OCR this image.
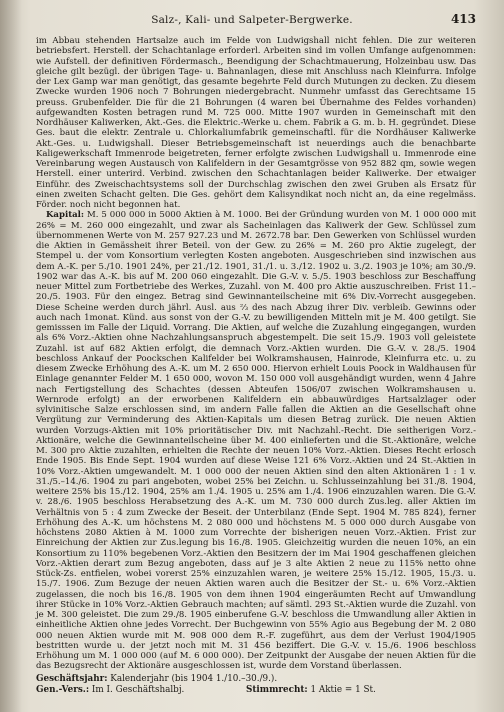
Salz-, Kali- und Salpeter-Bergwerke.	413

im Abbau stehenden Hartsalze auch im Felde von Ludwigshall nicht fehlen. Die zur weiteren betriebsfert. Herstell. der Schachtanlage erforderl. Arbeiten sind im vollen Umfange aufgenommen: wie Aufstell. der definitiven Fördermasch., Beendigung der Schachtmauerung, Holzeinbau usw. Das gleiche gilt bezügl. der übrigen Tage- u. Bahnanlagen, diese mit Anschluss nach Kleinfurra. Infolge der Lex Gamp war man genötigt, das gesamte begehrte Feld durch Mutungen zu decken. Zu diesem Zwecke wurden 1906 noch 7 Bohrungen niedergebracht. Nunmehr umfasst das Gerechtsame 15 preuss. Grubenfelder. Die für die 21 Bohrungen (4 waren bei Übernahme des Feldes vorhanden) aufgewandten Kosten betragen rund M. 725 000. Mitte 1907 wurden in Gemeinschaft mit den Nordhäuser Kaliwerken, Akt.-Ges. die Elektric.-Werke u. chem. Fabrik a G. m. b. H. gegründet. Diese Ges. baut die elektr. Zentrale u. Chlorkaliumfabrik gemeinschaftl. für die Nordhäuser Kaliwerke Akt.-Ges. u. Ludwigshall. Dieser Betriebsgemeinschaft ist neuerdings auch die benachbarte Kaligewerkschaft Immenrode beigetreten, ferner erfolgte zwischen Ludwigshall u. Immenrode eine Vereinbarung wegen Austausch von Kalifeldern in der Gesamtgrösse von 952 882 qm, sowie wegen Herstell. einer unterird. Verbind. zwischen den Schachtanlagen beider Kaliwerke. Der etwaiger Einführ. des Zweischachtsystems soll der Durchschlag zwischen den zwei Gruben als Ersatz für einen zweiten Schacht gelten. Die Ges. gehört dem Kalisyndikat noch nicht an, da eine regelmäss. Förder. noch nicht begonnen hat.

Kapital: M. 5 000 000 in 5000 Aktien à M. 1000. Bei der Gründung wurden von M. 1 000 000 mit 26% = M. 260 000 eingezahlt, und zwar als Sacheinlagen das Kaliwerk der Gew. Schlüssel zum übernommenen Werte von M. 257 927.23 und M. 2672.78 bar. Den Gewerken von Schlüssel wurden die Aktien in Gemässheit ihrer Beteil. von der Gew. zu 26% = M. 260 pro Aktie zugelegt, der Stempel u. der vom Konsortium verlegten Kosten angeboten. Ausgeschrieben sind inzwischen aus dem A.-K. per 5./10. 1901 24%, per 21./12. 1901, 31./1. u. 3./12. 1902 u. 3./2. 1903 je 10%; am 30./9. 1902 war das A.-K. bis auf M. 200 060 eingezahlt. Die G.-V. v. 5./5. 1903 beschloss zur Beschaffung neuer Mittel zum Fortbetriebe des Werkes, Zuzahl. von M. 400 pro Aktie auszuschreiben. Frist 11.–20./5. 1903. Für den eingez. Betrag sind Gewinnanteilscheine mit 6% Div.-Vorrecht ausgegeben. Diese Scheine werden durch jährl. Ausl. aus ⅔ des nach Abzug ihrer Div. verbleib. Gewinns oder auch nach 1monat. Künd. aus sonst von der G.-V. zu bewilligenden Mitteln mit je M. 400 getilgt. Sie gemisssen im Falle der Liquid. Vorrang. Die Aktien, auf welche die Zuzahlung eingegangen, wurden als 6% Vorz.-Aktien ohne Nachzahlungsanspruch abgestempelt. Die seit 15./9. 1903 voll geleistete Zuzahl. ist auf 682 Aktien erfolgt, die demnach Vorz.-Aktien wurden. Die G.-V. v. 28./5. 1904 beschloss Ankauf der Poockschen Kalifelder bei Wolkramshausen, Hainrode, Kleinfurra etc. u. zu diesem Zwecke Erhöhung des A.-K. um M. 2 650 000. Hiervon erhielt Louis Poock in Waldhausen für Einlage genannter Felder M. 1 650 000, wovon M. 150 000 voll ausgehändigt wurden, wenn 4 Jahre nach Fertigstellung des Schachtes (dessen Abteufen 1506/07 zwischen Wolkramshausen u. Wernrode erfolgt) an der erworbenen Kalifeldern ein abbauwürdiges Hartsalzlager oder sylvinitische Salze erschlossen sind, im andern Falle fallen die Aktien an die Gesellschaft ohne Vergütung zur Verminderung des Aktien-Kapitals um diesen Betrag zurück. Die neuen Aktien wurden Vorzugs-Aktien mit 10% prioritätischer Div. mit Nachzahl.-Recht. Die seitherigen Vorz.-Aktionäre, welche die Gewinnanteilscheine über M. 400 einlieferten und die St.-Aktionäre, welche M. 300 pro Aktie zuzahlten, erhielten die Rechte der neuen 10% Vorz.-Aktien. Dieses Recht erlosch Ende 1905. Bis Ende Sept. 1904 wurden auf diese Weise 121 6% Vorz.-Aktien und 24 St.-Aktien in 10% Vorz.-Aktien umgewandelt. M. 1 000 000 der neuen Aktien sind den alten Aktionären 1 : 1 v. 31./5.–14./6. 1904 zu pari angeboten, wobei 25% bei Zeichn. u. Schlusseinzahlung bei 31./8. 1904, weitere 25% bis 15./12. 1904, 25% am 1./4. 1905 u. 25% am 1./4. 1906 einzuzahlen waren. Die G.-V. v. 28./6. 1905 beschloss Herabsetzung des A.-K. um M. 730 000 durch Zus.leg. aller Aktien im Verhältnis von 5 : 4 zum Zwecke der Beseit. der Unterbilanz (Ende Sept. 1904 M. 785 824), ferner Erhöhung des A.-K. um höchstens M. 2 080 000 und höchstens M. 5 000 000 durch Ausgabe von höchstens 2080 Aktien à M. 1000 zum Vorrechte der bisherigen neuen Vorz.-Aktien. Frist zur Einreichung der Aktien zur Zus.legung bis 16./8. 1905. Gleichzeitig wurden die neuen 10%, an ein Konsortium zu 110% begebenen Vorz.-Aktien den Besitzern der im Mai 1904 geschaffenen gleichen Vorz.-Aktien derart zum Bezug angeboten, dass auf je 3 alte Aktien 2 neue zu 115% netto ohne Stück-Zs. entfielen, wobei vorerst 25% einzuzahlen waren, je weitere 25% 15./12. 1905, 15./3. u. 15./7. 1906. Zum Bezuge der neuen Aktien waren auch die Besitzer der St.- u. 6% Vorz.-Aktien zugelassen, die noch bis 16./8. 1905 von dem ihnen 1904 eingeräumten Recht auf Umwandlung ihrer Stücke in 10% Vorz.-Aktien Gebrauch machten; auf sämtl. 293 St.-Aktien wurde die Zuzahl. von je M. 300 geleistet. Die zum 29./8. 1905 einberufene G.-V. beschloss die Umwandlung aller Aktien in einheitliche Aktien ohne jedes Vorrecht. Der Buchgewinn von 55% Agio aus Begebung der M. 2 080 000 neuen Aktien wurde mit M. 908 000 dem R.-F. zugeführt, aus dem der Verlust 1904/1905 bestritten wurde u. der jetzt noch mit M. 31 456 beziffert. Die G.-V. v. 15./6. 1906 beschloss Erhöhung um M. 1 000 000 (auf M. 6 000 000). Der Zeitpunkt der Ausgabe der neuen Aktien für die das Bezugsrecht der Aktionäre ausgeschlossen ist, wurde dem Vorstand überlassen.

Geschäftsjahr: Kalenderjahr (bis 1904 1./10.–30./9.).
Gen.-Vers.: Im I. Geschäftshalbj.	Stimmrecht: 1 Aktie = 1 St.
